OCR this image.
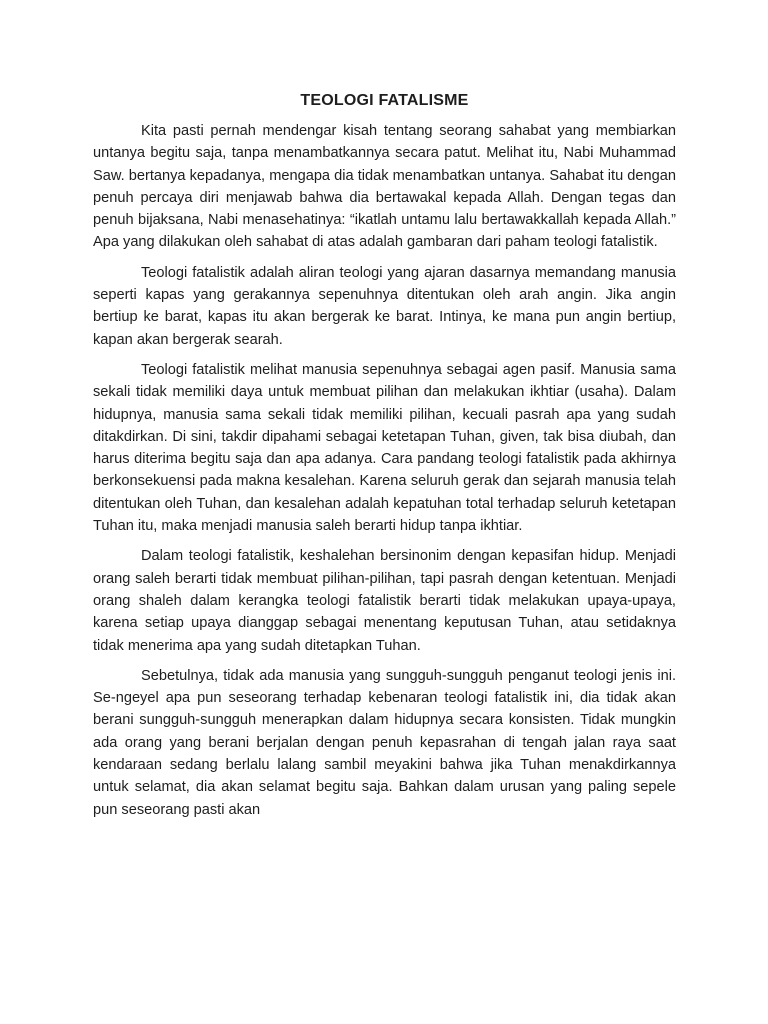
TEOLOGI FATALISME

Kita pasti pernah mendengar kisah tentang seorang sahabat yang membiarkan untanya begitu saja, tanpa menambatkannya secara patut. Melihat itu, Nabi Muhammad Saw. bertanya kepadanya, mengapa dia tidak menambatkan untanya. Sahabat itu dengan penuh percaya diri menjawab bahwa dia bertawakal kepada Allah. Dengan tegas dan penuh bijaksana, Nabi menasehatinya: “ikatlah untamu lalu bertawakkallah kepada Allah.” Apa yang dilakukan oleh sahabat di atas adalah gambaran dari paham teologi fatalistik.

Teologi fatalistik adalah aliran teologi yang ajaran dasarnya memandang manusia seperti kapas yang gerakannya sepenuhnya ditentukan oleh arah angin. Jika angin bertiup ke barat, kapas itu akan bergerak ke barat. Intinya, ke mana pun angin bertiup, kapan akan bergerak searah.

Teologi fatalistik melihat manusia sepenuhnya sebagai agen pasif. Manusia sama sekali tidak memiliki daya untuk membuat pilihan dan melakukan ikhtiar (usaha). Dalam hidupnya, manusia sama sekali tidak memiliki pilihan, kecuali pasrah apa yang sudah ditakdirkan. Di sini, takdir dipahami sebagai ketetapan Tuhan, given, tak bisa diubah, dan harus diterima begitu saja dan apa adanya. Cara pandang teologi fatalistik pada akhirnya berkonsekuensi pada makna kesalehan. Karena seluruh gerak dan sejarah manusia telah ditentukan oleh Tuhan, dan kesalehan adalah kepatuhan total terhadap seluruh ketetapan Tuhan itu, maka menjadi manusia saleh berarti hidup tanpa ikhtiar.

Dalam teologi fatalistik, keshalehan bersinonim dengan kepasifan hidup. Menjadi orang saleh berarti tidak membuat pilihan-pilihan, tapi pasrah dengan ketentuan. Menjadi orang shaleh dalam kerangka teologi fatalistik berarti tidak melakukan upaya-upaya, karena setiap upaya dianggap sebagai menentang keputusan Tuhan, atau setidaknya tidak menerima apa yang sudah ditetapkan Tuhan.

Sebetulnya, tidak ada manusia yang sungguh-sungguh penganut teologi jenis ini. Se-ngeyel apa pun seseorang terhadap kebenaran teologi fatalistik ini, dia tidak akan berani sungguh-sungguh menerapkan dalam hidupnya secara konsisten. Tidak mungkin ada orang yang berani berjalan dengan penuh kepasrahan di tengah jalan raya saat kendaraan sedang berlalu lalang sambil meyakini bahwa jika Tuhan menakdirkannya untuk selamat, dia akan selamat begitu saja. Bahkan dalam urusan yang paling sepele pun seseorang pasti akan
